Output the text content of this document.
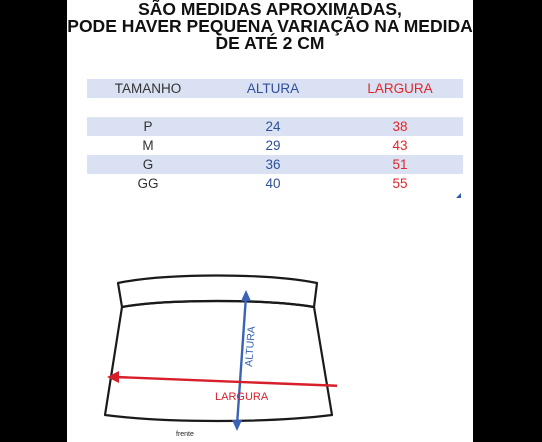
SÃO MEDIDAS APROXIMADAS,
PODE HAVER PEQUENA VARIAÇÃO NA MEDIDA
DE ATÉ 2 CM
TAMANHO	ALTURA	LARGURA
P	24	38
M	29	43
G	36	51
GG	40	55
ALTURA
LARGURA
frente
